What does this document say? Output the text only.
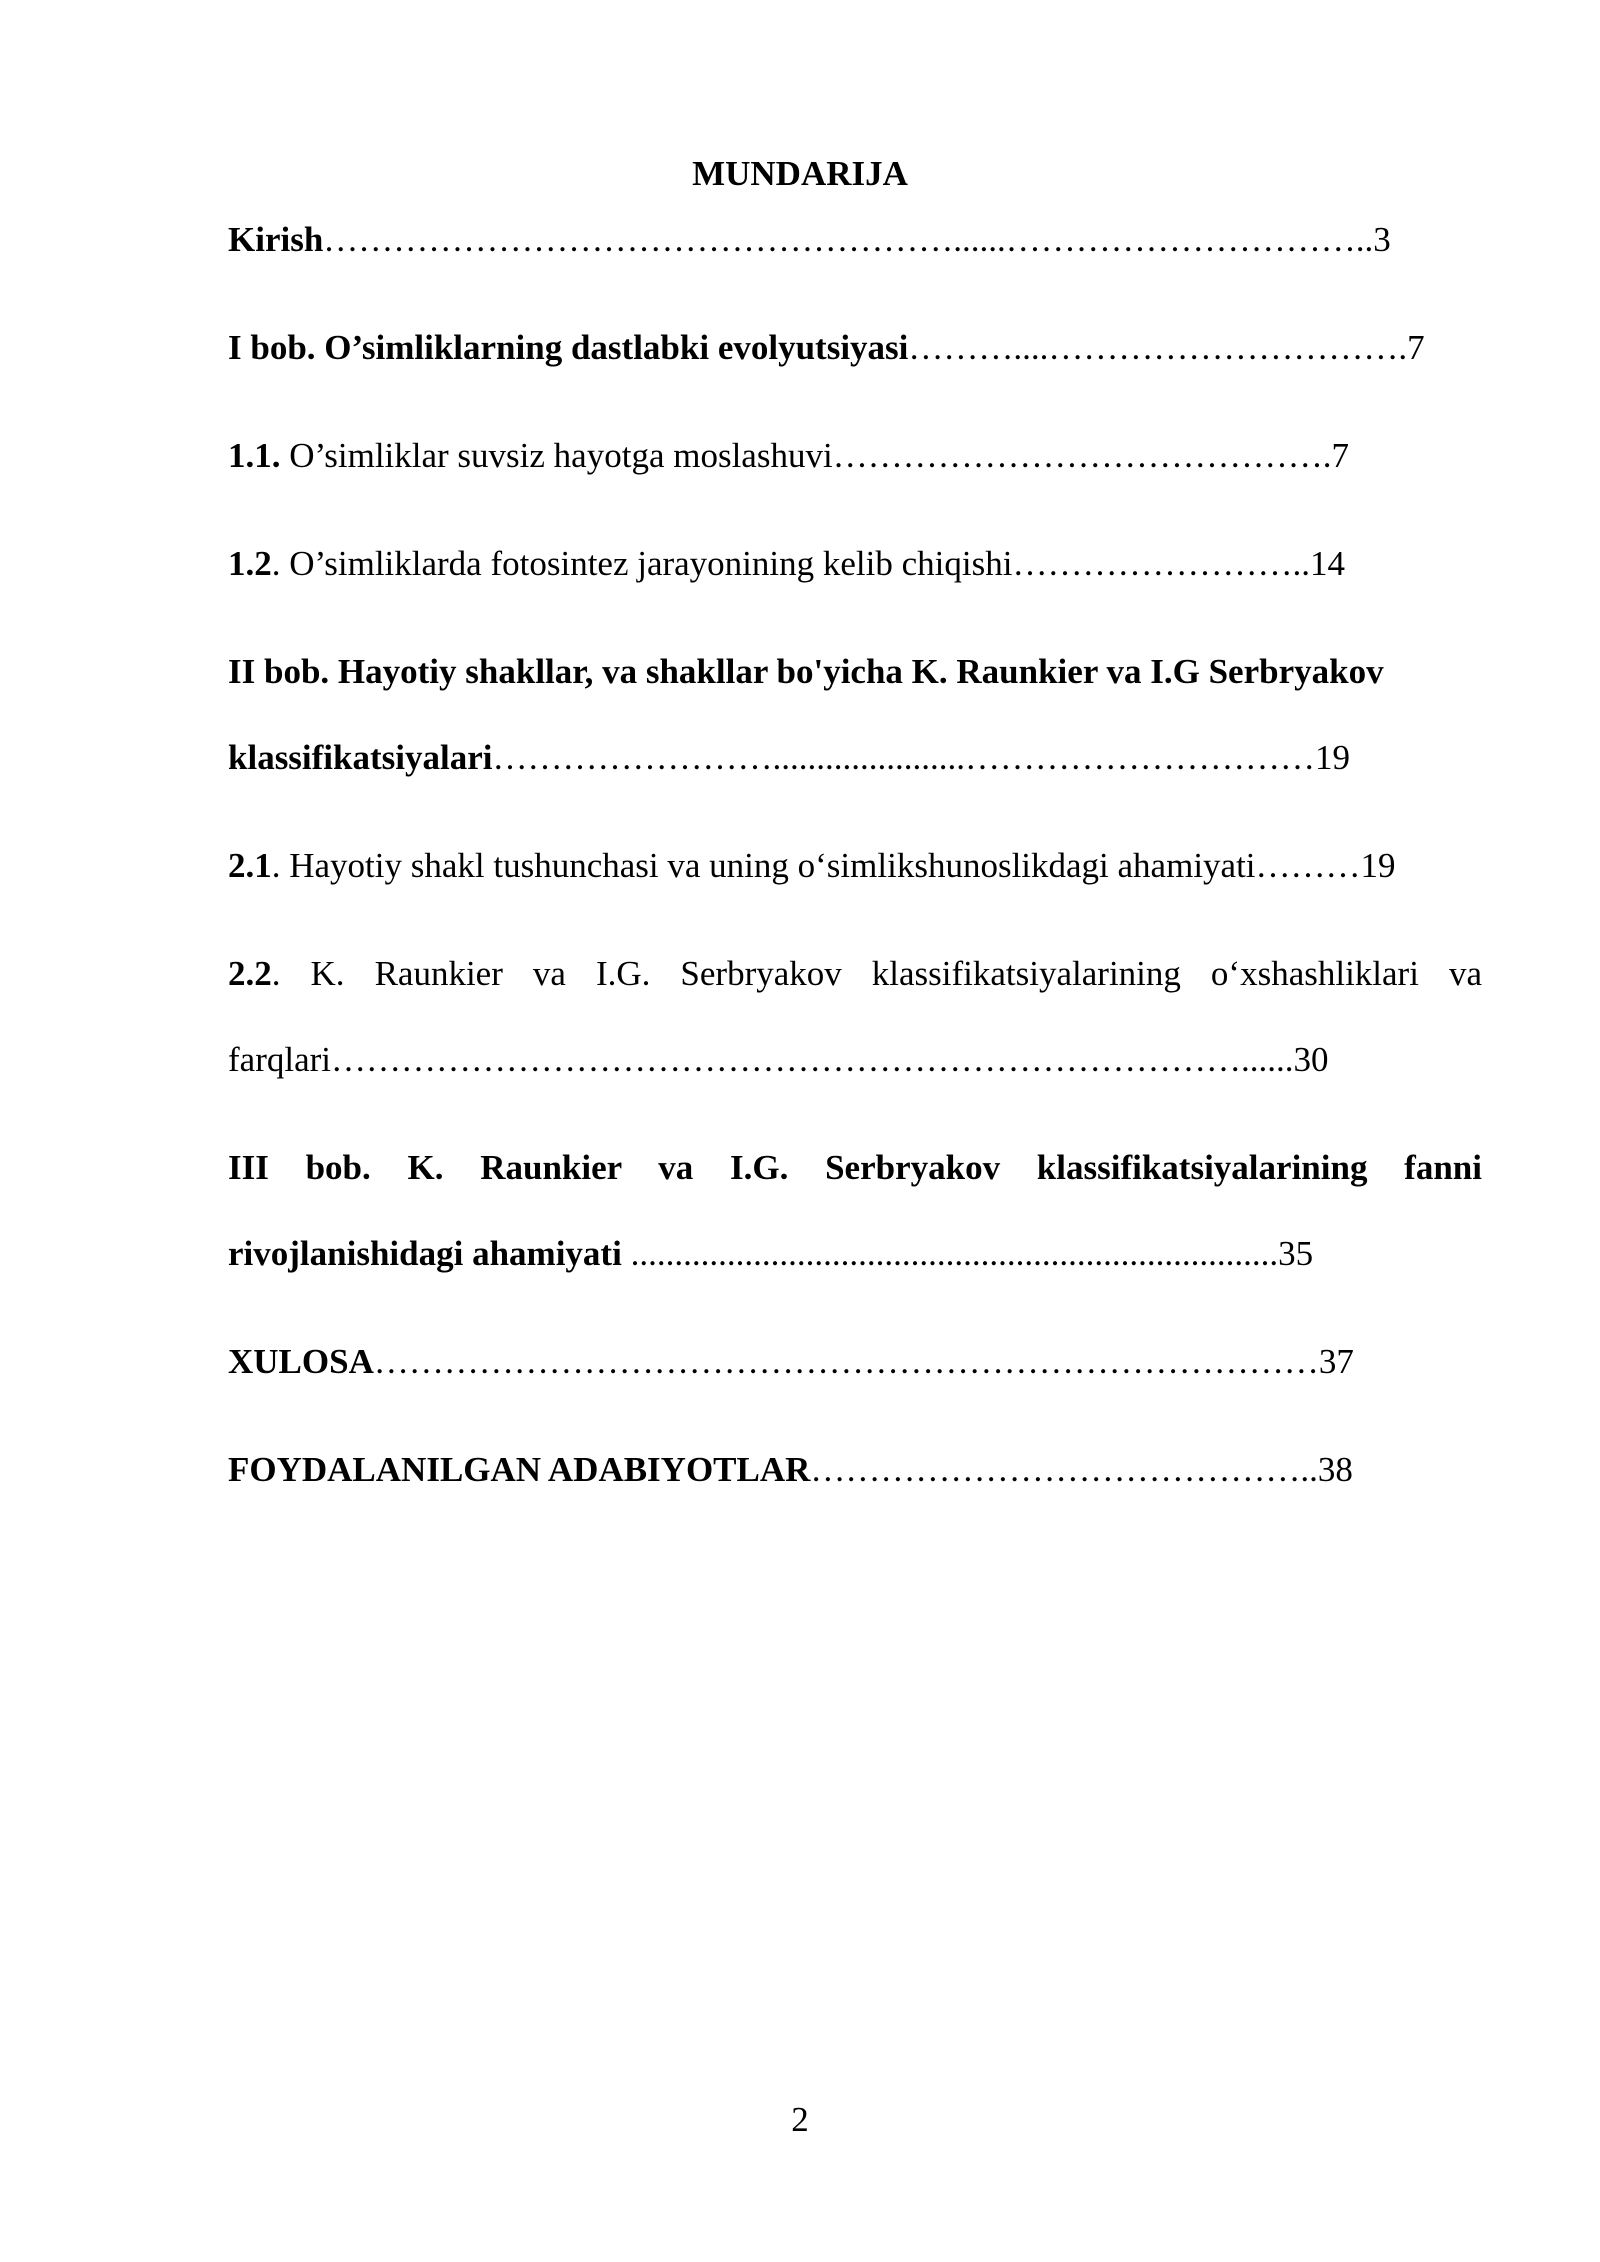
MUNDARIJA
Kirish………………………………………………......…………………………..3
I bob. O’simliklarning dastlabki evolyutsiyasi………....………………………….7
1.1. O’simliklar suvsiz hayotga moslashuvi…………………………………….7
1.2. O’simliklarda fotosintez jarayonining kelib chiqishi……………………..14
II bob. Hayotiy shakllar, va shakllar bo'yicha K. Raunkier va I.G Serbryakov
klassifikatsiyalari……………………......................…………………………19
2.1. Hayotiy shakl tushunchasi va uning o‘simlikshunoslikdagi ahamiyati………19
2.2. K. Raunkier va I.G. Serbryakov klassifikatsiyalarining o‘xshashliklari va
farqlari……………………………………………………………………......30
III bob. K. Raunkier va I.G. Serbryakov klassifikatsiyalarining fanni
rivojlanishidagi ahamiyati ..........................................................................35
XULOSA………………………………………………………………………37
FOYDALANILGAN ADABIYOTLAR……………………………………..38
2
